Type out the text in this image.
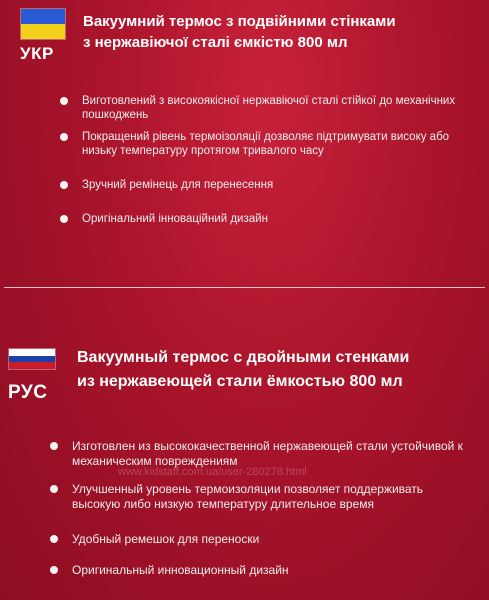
УКР
Вакуумний термос з подвійними стінками
з нержавіючої сталі ємкістю 800 мл
Виготовлений з високоякісної нержавіючої сталі стійкої до механічних пошкоджень
Покращений рівень термоізоляції дозволяє підтримувати високу або низьку температуру протягом тривалого часу
Зручний ремінець для перенесення
Оригінальний інноваційний дизайн
РУС
Вакуумный термос с двойными стенками
из нержавеющей стали ёмкостью 800 мл
Изготовлен из высококачественной нержавеющей стали устойчивой к механическим повреждениям
Улучшенный уровень термоизоляции позволяет поддерживать высокую либо низкую температуру длительное время
Удобный ремешок для переноски
Оригинальный инновационный дизайн
www.kidstaff.com.ua/user-280278.html
